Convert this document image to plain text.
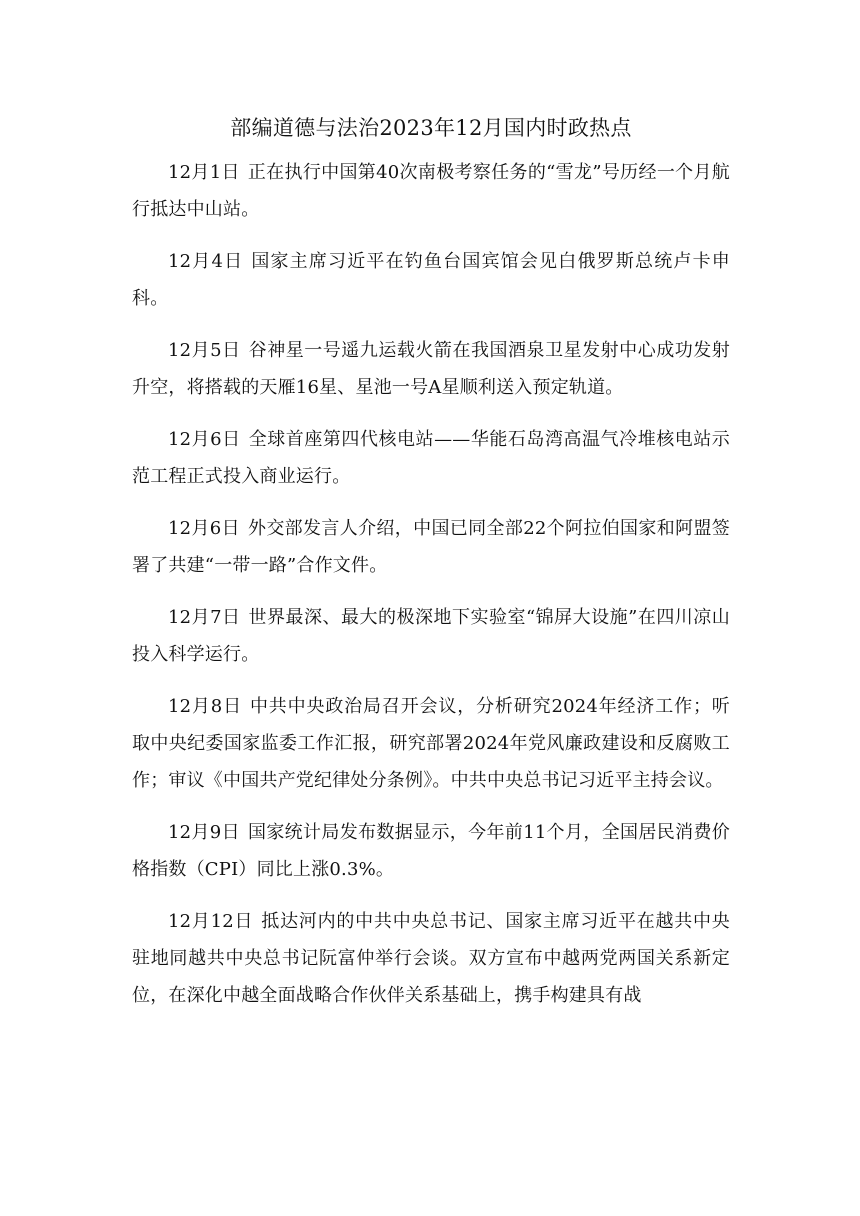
部编道德与法治2023年12月国内时政热点

12月1日 正在执行中国第40次南极考察任务的“雪龙”号历经一个月航行抵达中山站。

12月4日 国家主席习近平在钓鱼台国宾馆会见白俄罗斯总统卢卡申科。

12月5日 谷神星一号遥九运载火箭在我国酒泉卫星发射中心成功发射升空，将搭载的天雁16星、星池一号A星顺利送入预定轨道。

12月6日 全球首座第四代核电站——华能石岛湾高温气冷堆核电站示范工程正式投入商业运行。

12月6日 外交部发言人介绍，中国已同全部22个阿拉伯国家和阿盟签署了共建“一带一路”合作文件。

12月7日 世界最深、最大的极深地下实验室“锦屏大设施”在四川凉山投入科学运行。

12月8日 中共中央政治局召开会议，分析研究2024年经济工作；听取中央纪委国家监委工作汇报，研究部署2024年党风廉政建设和反腐败工作；审议《中国共产党纪律处分条例》。中共中央总书记习近平主持会议。

12月9日 国家统计局发布数据显示，今年前11个月，全国居民消费价格指数（CPI）同比上涨0.3%。

12月12日 抵达河内的中共中央总书记、国家主席习近平在越共中央驻地同越共中央总书记阮富仲举行会谈。双方宣布中越两党两国关系新定位，在深化中越全面战略合作伙伴关系基础上，携手构建具有战
